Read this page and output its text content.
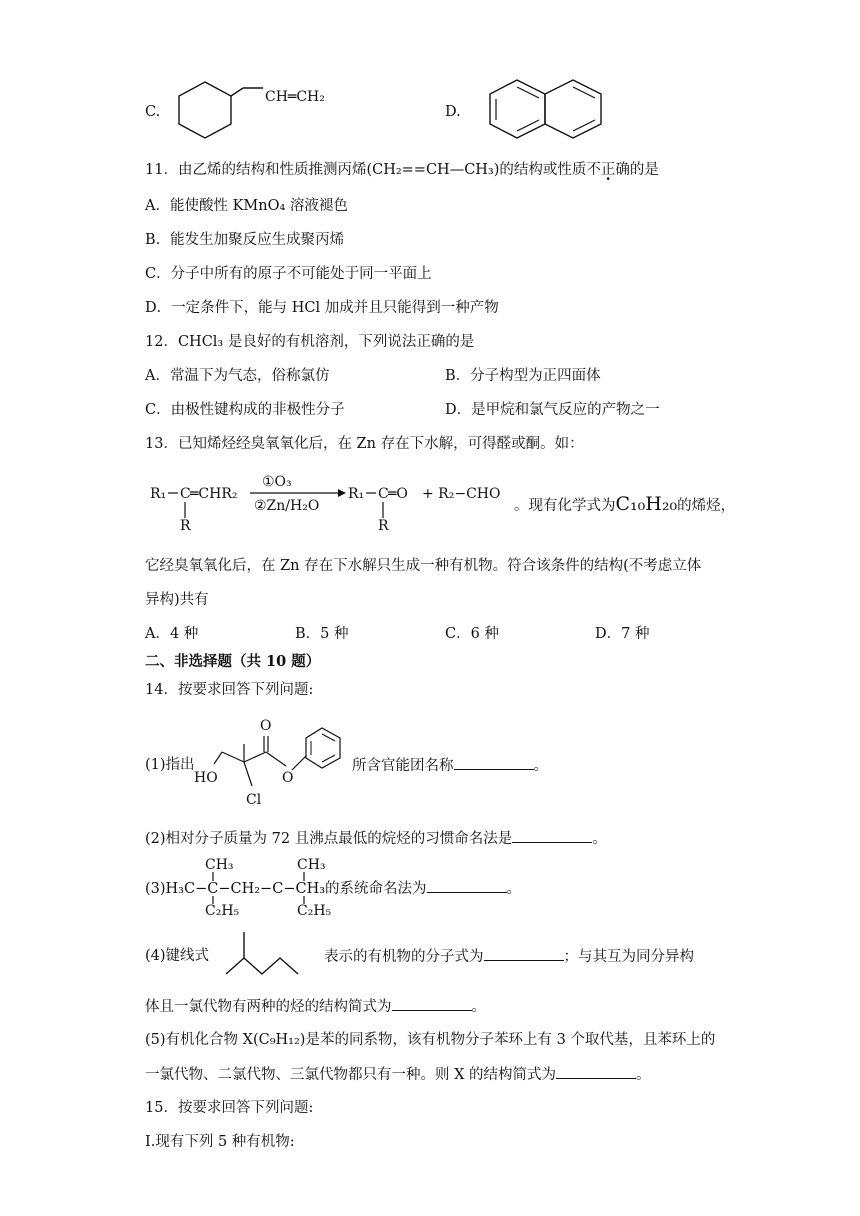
C.
CH═CH₂
D.
11．由乙烯的结构和性质推测丙烯(CH₂==CH—CH₃)的结构或性质不正确的是
A．能使酸性 KMnO₄ 溶液褪色
B．能发生加聚反应生成聚丙烯
C．分子中所有的原子不可能处于同一平面上
D．一定条件下，能与 HCl 加成并且只能得到一种产物
12．CHCl₃ 是良好的有机溶剂，下列说法正确的是
A．常温下为气态，俗称氯仿	B．分子构型为正四面体
C．由极性键构成的非极性分子	D．是甲烷和氯气反应的产物之一
13．已知烯烃经臭氧氧化后，在 Zn 存在下水解，可得醛或酮。如：
R₁ C ═CHR₂
R
①O₃
②Zn/H₂O
R₁ C ═O
R
+ R₂−CHO
。现有化学式为C₁₀H₂₀的烯烃，
它经臭氧氧化后，在 Zn 存在下水解只生成一种有机物。符合该条件的结构(不考虑立体
异构)共有
A．4 种	B．5 种	C．6 种	D．7 种
二、非选择题（共 10 题）
14．按要求回答下列问题:
(1)指出
O
HO
Cl
O
所含官能团名称	。
(2)相对分子质量为 72 且沸点最低的烷烃的习惯命名法是	。
(3)H₃C−C−CH₂−C−CH₃的系统命名法为	。
CH₃
C₂H₅
CH₃
C₂H₅
(4)键线式	表示的有机物的分子式为	；与其互为同分异构
体且一氯代物有两种的烃的结构简式为	。
(5)有机化合物 X(C₉H₁₂)是苯的同系物，该有机物分子苯环上有 3 个取代基，且苯环上的
一氯代物、二氯代物、三氯代物都只有一种。则 X 的结构简式为	。
15．按要求回答下列问题:
I.现有下列 5 种有机物:
